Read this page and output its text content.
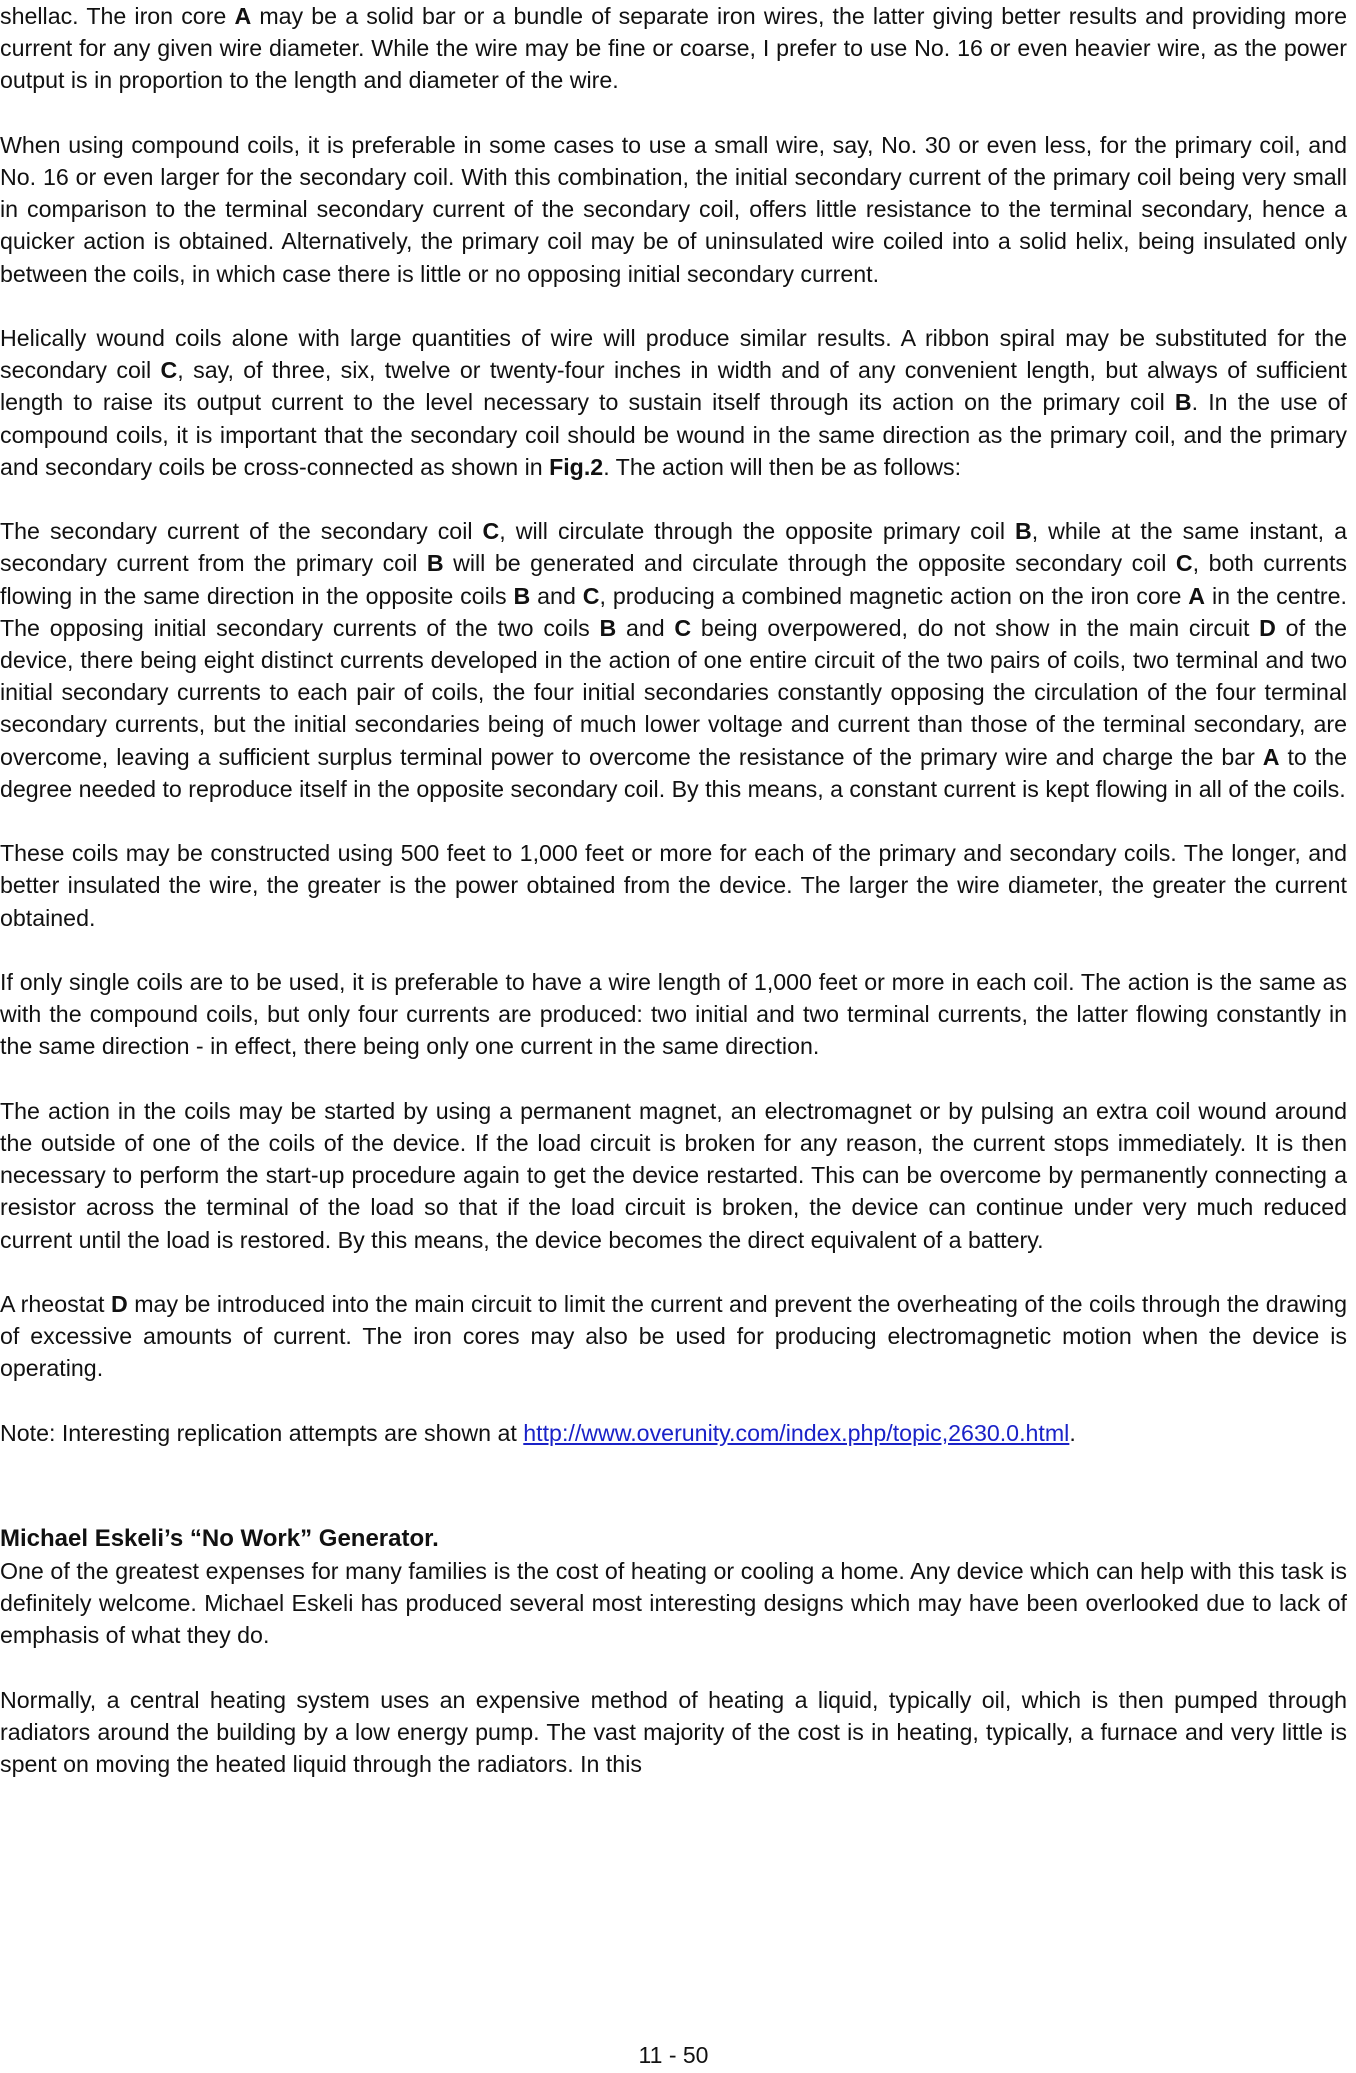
shellac. The iron core A may be a solid bar or a bundle of separate iron wires, the latter giving better results and providing more current for any given wire diameter. While the wire may be fine or coarse, I prefer to use No. 16 or even heavier wire, as the power output is in proportion to the length and diameter of the wire.

When using compound coils, it is preferable in some cases to use a small wire, say, No. 30 or even less, for the primary coil, and No. 16 or even larger for the secondary coil. With this combination, the initial secondary current of the primary coil being very small in comparison to the terminal secondary current of the secondary coil, offers little resistance to the terminal secondary, hence a quicker action is obtained. Alternatively, the primary coil may be of uninsulated wire coiled into a solid helix, being insulated only between the coils, in which case there is little or no opposing initial secondary current.

Helically wound coils alone with large quantities of wire will produce similar results. A ribbon spiral may be substituted for the secondary coil C, say, of three, six, twelve or twenty-four inches in width and of any convenient length, but always of sufficient length to raise its output current to the level necessary to sustain itself through its action on the primary coil B. In the use of compound coils, it is important that the secondary coil should be wound in the same direction as the primary coil, and the primary and secondary coils be cross-connected as shown in Fig.2. The action will then be as follows:

The secondary current of the secondary coil C, will circulate through the opposite primary coil B, while at the same instant, a secondary current from the primary coil B will be generated and circulate through the opposite secondary coil C, both currents flowing in the same direction in the opposite coils B and C, producing a combined magnetic action on the iron core A in the centre. The opposing initial secondary currents of the two coils B and C being overpowered, do not show in the main circuit D of the device, there being eight distinct currents developed in the action of one entire circuit of the two pairs of coils, two terminal and two initial secondary currents to each pair of coils, the four initial secondaries constantly opposing the circulation of the four terminal secondary currents, but the initial secondaries being of much lower voltage and current than those of the terminal secondary, are overcome, leaving a sufficient surplus terminal power to overcome the resistance of the primary wire and charge the bar A to the degree needed to reproduce itself in the opposite secondary coil. By this means, a constant current is kept flowing in all of the coils.

These coils may be constructed using 500 feet to 1,000 feet or more for each of the primary and secondary coils. The longer, and better insulated the wire, the greater is the power obtained from the device. The larger the wire diameter, the greater the current obtained.

If only single coils are to be used, it is preferable to have a wire length of 1,000 feet or more in each coil. The action is the same as with the compound coils, but only four currents are produced: two initial and two terminal currents, the latter flowing constantly in the same direction - in effect, there being only one current in the same direction.

The action in the coils may be started by using a permanent magnet, an electromagnet or by pulsing an extra coil wound around the outside of one of the coils of the device. If the load circuit is broken for any reason, the current stops immediately. It is then necessary to perform the start-up procedure again to get the device restarted. This can be overcome by permanently connecting a resistor across the terminal of the load so that if the load circuit is broken, the device can continue under very much reduced current until the load is restored. By this means, the device becomes the direct equivalent of a battery.

A rheostat D may be introduced into the main circuit to limit the current and prevent the overheating of the coils through the drawing of excessive amounts of current. The iron cores may also be used for producing electromagnetic motion when the device is operating.

Note: Interesting replication attempts are shown at http://www.overunity.com/index.php/topic,2630.0.html.

Michael Eskeli’s “No Work” Generator.

One of the greatest expenses for many families is the cost of heating or cooling a home. Any device which can help with this task is definitely welcome. Michael Eskeli has produced several most interesting designs which may have been overlooked due to lack of emphasis of what they do.

Normally, a central heating system uses an expensive method of heating a liquid, typically oil, which is then pumped through radiators around the building by a low energy pump. The vast majority of the cost is in heating, typically, a furnace and very little is spent on moving the heated liquid through the radiators. In this

11 - 50
